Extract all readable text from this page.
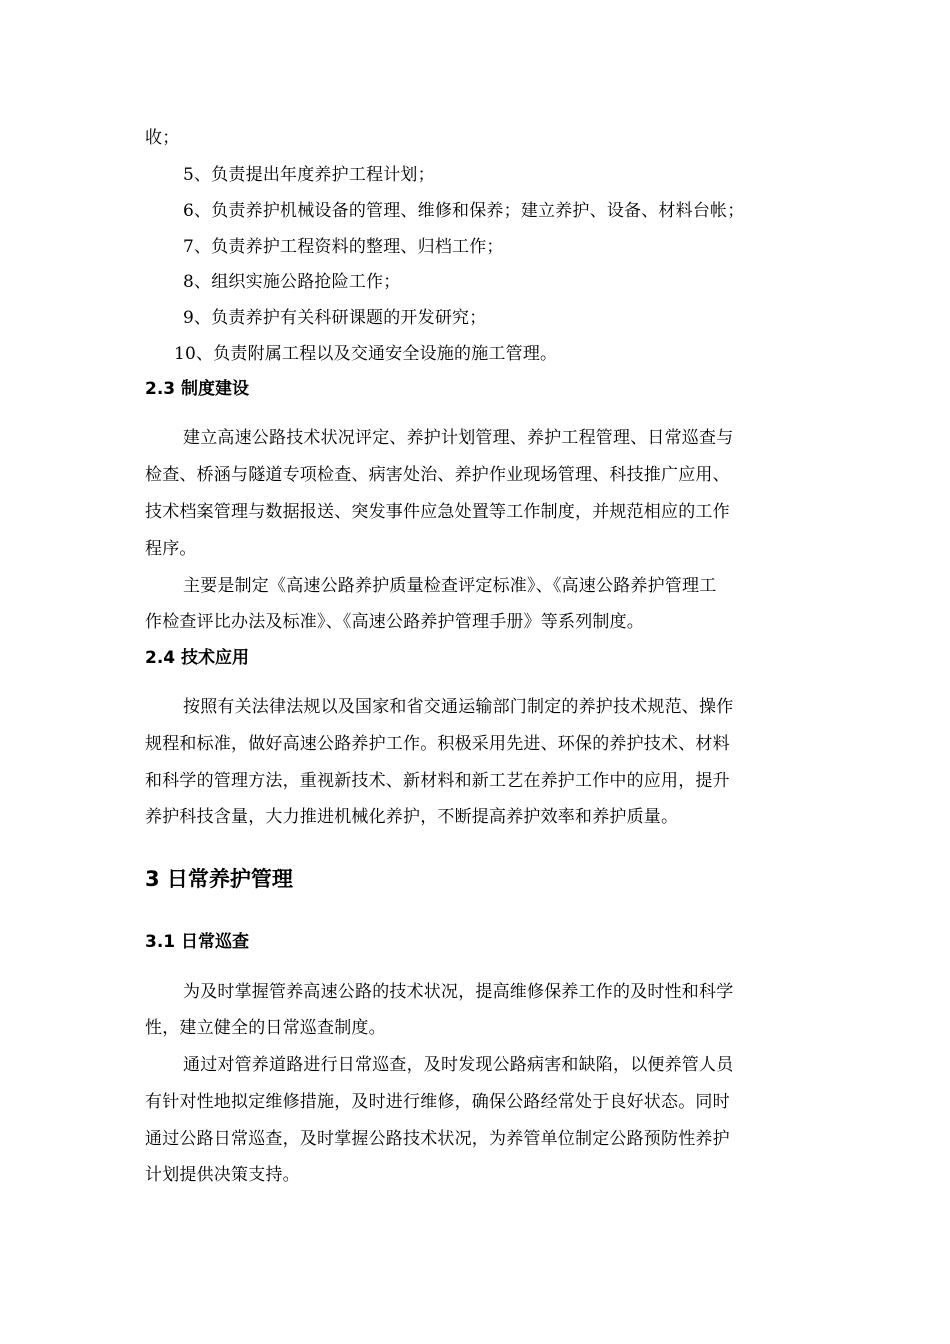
收；
5、负责提出年度养护工程计划；
6、负责养护机械设备的管理、维修和保养；建立养护、设备、材料台帐；
7、负责养护工程资料的整理、归档工作；
8、组织实施公路抢险工作；
9、负责养护有关科研课题的开发研究；
10、负责附属工程以及交通安全设施的施工管理。
2.3 制度建设
建立高速公路技术状况评定、养护计划管理、养护工程管理、日常巡查与
检查、桥涵与隧道专项检查、病害处治、养护作业现场管理、科技推广应用、
技术档案管理与数据报送、突发事件应急处置等工作制度，并规范相应的工作
程序。
主要是制定《高速公路养护质量检查评定标准》、《高速公路养护管理工
作检查评比办法及标准》、《高速公路养护管理手册》等系列制度。
2.4 技术应用
按照有关法律法规以及国家和省交通运输部门制定的养护技术规范、操作
规程和标准，做好高速公路养护工作。积极采用先进、环保的养护技术、材料
和科学的管理方法，重视新技术、新材料和新工艺在养护工作中的应用，提升
养护科技含量，大力推进机械化养护，不断提高养护效率和养护质量。
3 日常养护管理
3.1 日常巡查
为及时掌握管养高速公路的技术状况，提高维修保养工作的及时性和科学
性，建立健全的日常巡查制度。
通过对管养道路进行日常巡查，及时发现公路病害和缺陷，以便养管人员
有针对性地拟定维修措施，及时进行维修，确保公路经常处于良好状态。同时
通过公路日常巡查，及时掌握公路技术状况，为养管单位制定公路预防性养护
计划提供决策支持。
